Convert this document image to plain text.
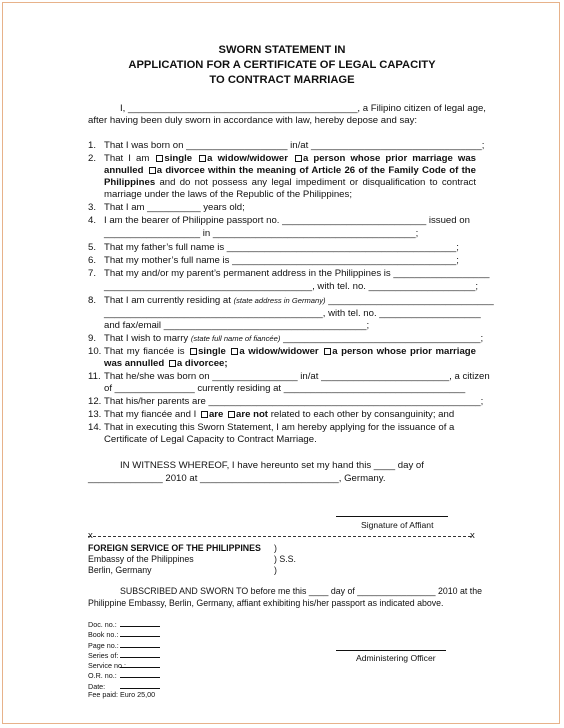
SWORN STATEMENT IN
APPLICATION FOR A CERTIFICATE OF LEGAL CAPACITY
TO CONTRACT MARRIAGE
I, ___________________________________________, a Filipino citizen of legal age,
after having been duly sworn in accordance with law, hereby depose and say:
1. That I was born on ___________________ in/at ________________________________;
2. That I am single a widow/widower a person whose prior marriage was
annulled a divorcee within the meaning of Article 26 of the Family Code of the
Philippines and do not possess any legal impediment or disqualification to contract
marriage under the laws of the Republic of the Philippines;
3. That I am __________ years old;
4. I am the bearer of Philippine passport no. ___________________________ issued on
__________________ in ______________________________________;
5. That my father’s full name is ___________________________________________;
6. That my mother’s full name is __________________________________________;
7. That my and/or my parent’s permanent address in the Philippines is __________________
_______________________________________, with tel. no. ____________________;
8. That I am currently residing at (state address in Germany) _______________________________
_________________________________________, with tel. no. ___________________
and fax/email ______________________________________;
9. That I wish to marry (state full name of fiancée) _____________________________________;
10. That my fiancée is single a widow/widower a person whose prior marriage
was annulled a divorcee;
11. That he/she was born on ________________ in/at ________________________, a citizen
of _______________ currently residing at __________________________________
12. That his/her parents are ___________________________________________________;
13. That my fiancée and I are are not related to each other by consanguinity; and
14. That in executing this Sworn Statement, I am hereby applying for the issuance of a
Certificate of Legal Capacity to Contract Marriage.
IN WITNESS WHEREOF, I have hereunto set my hand this ____ day of
______________ 2010 at __________________________, Germany.
Signature of Affiant
x	x
FOREIGN SERVICE OF THE PHILIPPINES
Embassy of the Philippines
Berlin, Germany
)
) S.S.
)
SUBSCRIBED AND SWORN TO before me this ____ day of ________________ 2010 at the
Philippine Embassy, Berlin, Germany, affiant exhibiting his/her passport as indicated above.
Doc. no.:
Book no.:
Page no.:
Series of:
Service no.:
O.R. no.:
Date:
Fee paid: Euro 25,00
Administering Officer
